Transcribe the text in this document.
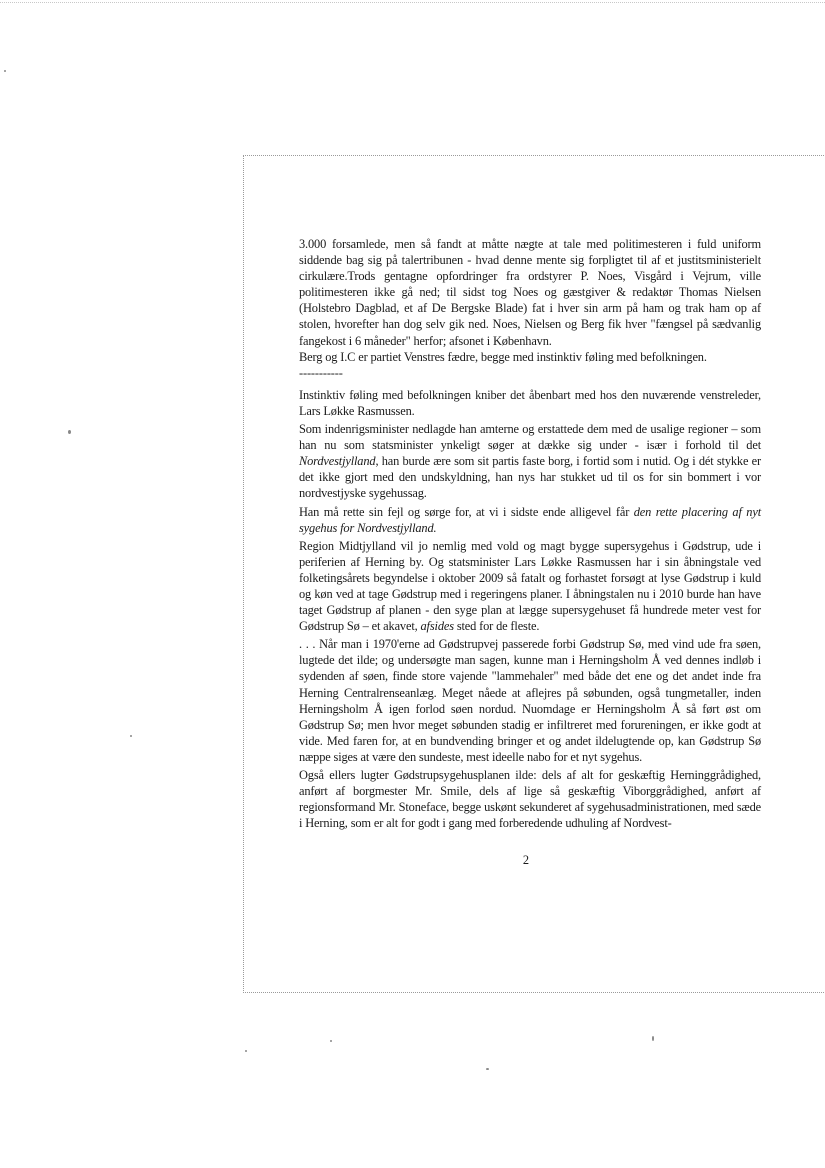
3.000 forsamlede, men så fandt at måtte nægte at tale med politimesteren i fuld uniform siddende bag sig på talertribunen - hvad denne mente sig forpligtet til af et justitsministerielt cirkulære.Trods gentagne opfordringer fra ordstyrer P. Noes, Visgård i Vejrum, ville politimesteren ikke gå ned; til sidst tog Noes og gæstgiver & redaktør Thomas Nielsen (Holstebro Dagblad, et af De Bergske Blade) fat i hver sin arm på ham og trak ham op af stolen, hvorefter han dog selv gik ned. Noes, Nielsen og Berg fik hver "fængsel på sædvanlig fangekost i 6 måneder" herfor; afsonet i København.

Berg og I.C er partiet Venstres fædre, begge med instinktiv føling med befolkningen.

-----------

Instinktiv føling med befolkningen kniber det åbenbart med hos den nuværende venstreleder, Lars Løkke Rasmussen.

Som indenrigsminister nedlagde han amterne og erstattede dem med de usalige regioner – som han nu som statsminister ynkeligt søger at dække sig under - især i forhold til det Nordvestjylland, han burde ære som sit partis faste borg, i fortid som i nutid. Og i dét stykke er det ikke gjort med den undskyldning, han nys har stukket ud til os for sin bommert i vor nordvestjyske sygehussag.

Han må rette sin fejl og sørge for, at vi i sidste ende alligevel får den rette placering af nyt sygehus for Nordvestjylland.

Region Midtjylland vil jo nemlig med vold og magt bygge supersygehus i Gødstrup, ude i periferien af Herning by. Og statsminister Lars Løkke Rasmussen har i sin åbningstale ved folketingsårets begyndelse i oktober 2009 så fatalt og forhastet forsøgt at lyse Gødstrup i kuld og køn ved at tage Gødstrup med i regeringens planer. I åbningstalen nu i 2010 burde han have taget Gødstrup af planen - den syge plan at lægge supersygehuset få hundrede meter vest for Gødstrup Sø – et akavet, afsides sted for de fleste.

. . . Når man i 1970'erne ad Gødstrupvej passerede forbi Gødstrup Sø, med vind ude fra søen, lugtede det ilde; og undersøgte man sagen, kunne man i Herningsholm Å ved dennes indløb i sydenden af søen, finde store vajende "lammehaler" med både det ene og det andet inde fra Herning Centralrenseanlæg. Meget nåede at aflejres på søbunden, også tungmetaller, inden Herningsholm Å igen forlod søen nordud. Nuomdage er Herningsholm Å så ført øst om Gødstrup Sø; men hvor meget søbunden stadig er infiltreret med forureningen, er ikke godt at vide. Med faren for, at en bundvending bringer et og andet ildelugtende op, kan Gødstrup Sø næppe siges at være den sundeste, mest ideelle nabo for et nyt sygehus.

Også ellers lugter Gødstrupsygehusplanen ilde: dels af alt for geskæftig Herninggrådighed, anført af borgmester Mr. Smile, dels af lige så geskæftig Viborggrådighed, anført af regionsformand Mr. Stoneface, begge uskønt sekunderet af sygehusadministrationen, med sæde i Herning, som er alt for godt i gang med forberedende udhuling af Nordvest-

2
